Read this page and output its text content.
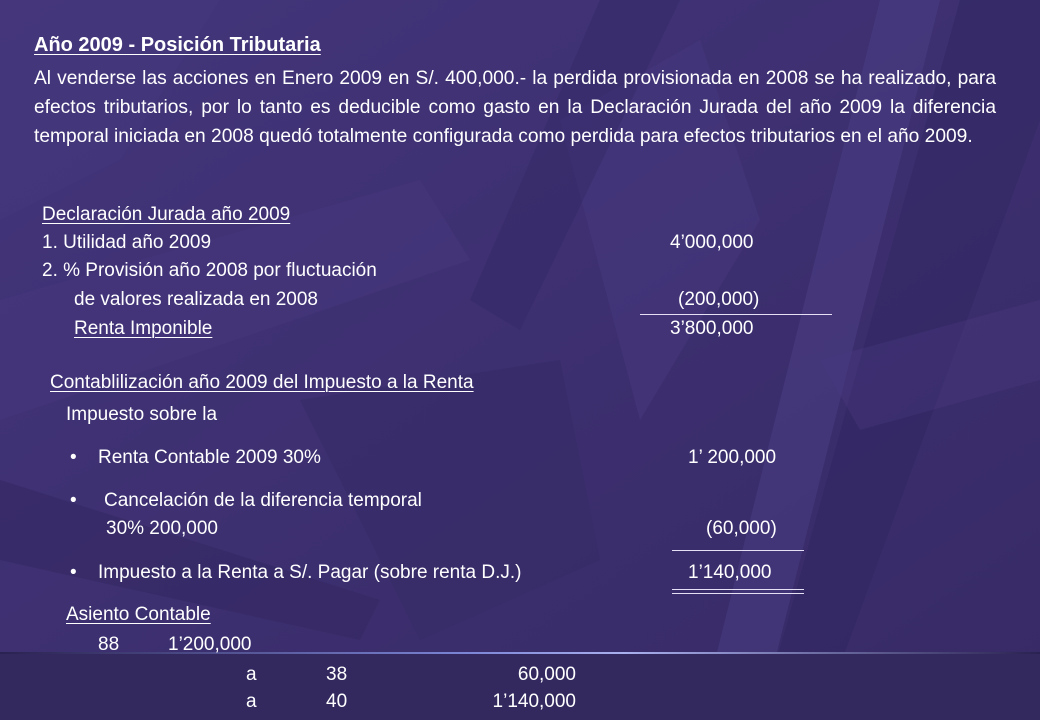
Año 2009 - Posición Tributaria
Al venderse las acciones en Enero 2009 en S/. 400,000.- la perdida provisionada en 2008 se ha realizado, para efectos tributarios, por lo tanto es deducible como gasto en la Declaración Jurada del año 2009 la diferencia temporal iniciada en 2008 quedó totalmente configurada como perdida para efectos tributarios en el año 2009.
Declaración Jurada año 2009
1. Utilidad año 2009	4’000,000
2. % Provisión año 2008 por fluctuación
de valores realizada en 2008	(200,000)
Renta Imponible	3’800,000
Contablilización año 2009 del Impuesto a la Renta
Impuesto sobre la
• Renta Contable 2009 30%	1’ 200,000
• Cancelación de la diferencia temporal
30% 200,000	(60,000)
• Impuesto a la Renta a S/. Pagar (sobre renta D.J.)	1’140,000
Asiento Contable
88	1’200,000
a	38	60,000
a	40	1’140,000
